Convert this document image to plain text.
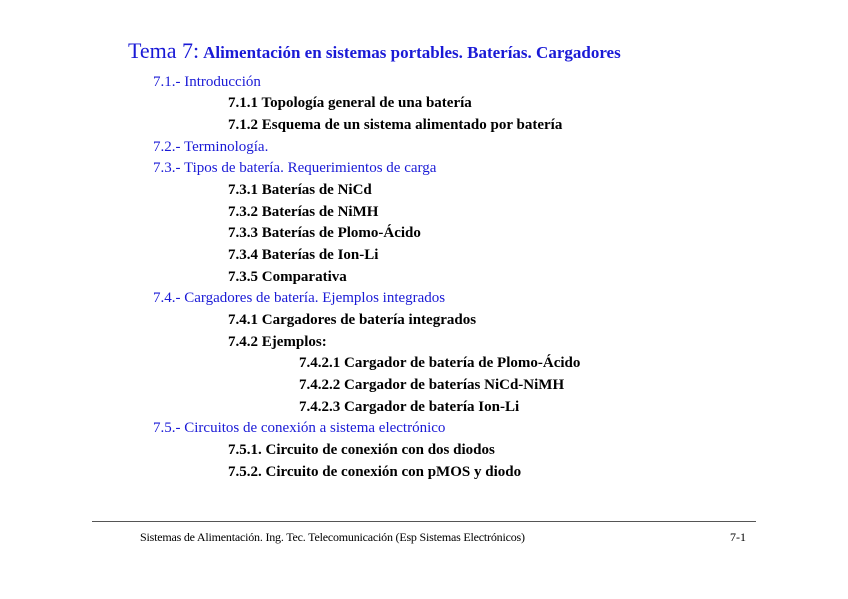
Tema 7: Alimentación en sistemas portables. Baterías. Cargadores
7.1.- Introducción
7.1.1 Topología general de una batería
7.1.2 Esquema de un sistema alimentado por batería
7.2.- Terminología.
7.3.- Tipos de batería. Requerimientos de carga
7.3.1 Baterías de NiCd
7.3.2 Baterías de NiMH
7.3.3 Baterías de Plomo-Ácido
7.3.4 Baterías de Ion-Li
7.3.5 Comparativa
7.4.- Cargadores de batería. Ejemplos integrados
7.4.1 Cargadores de batería integrados
7.4.2 Ejemplos:
7.4.2.1 Cargador de batería de Plomo-Ácido
7.4.2.2 Cargador de baterías NiCd-NiMH
7.4.2.3 Cargador de batería Ion-Li
7.5.- Circuitos de conexión a sistema electrónico
7.5.1. Circuito de conexión con dos diodos
7.5.2. Circuito de conexión con pMOS y diodo
Sistemas de Alimentación. Ing. Tec. Telecomunicación (Esp Sistemas Electrónicos)	7-1
